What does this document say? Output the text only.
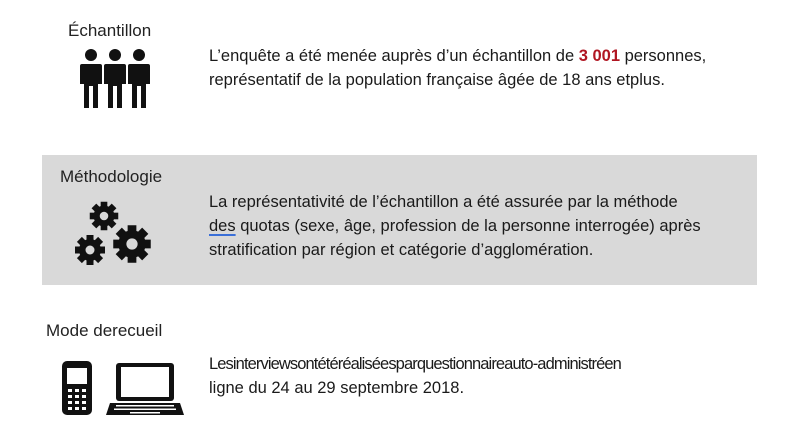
Échantillon
L’enquête a été menée auprès d’un échantillon de 3 001 personnes,
représentatif de la population française âgée de 18 ans etplus.
Méthodologie
La représentativité de l’échantillon a été assurée par la méthode
des quotas (sexe, âge, profession de la personne interrogée) après
stratification par région et catégorie d’agglomération.
Mode derecueil
Lesinterviewsontétéréaliséesparquestionnaireauto-administréen
ligne du 24 au 29 septembre 2018.
